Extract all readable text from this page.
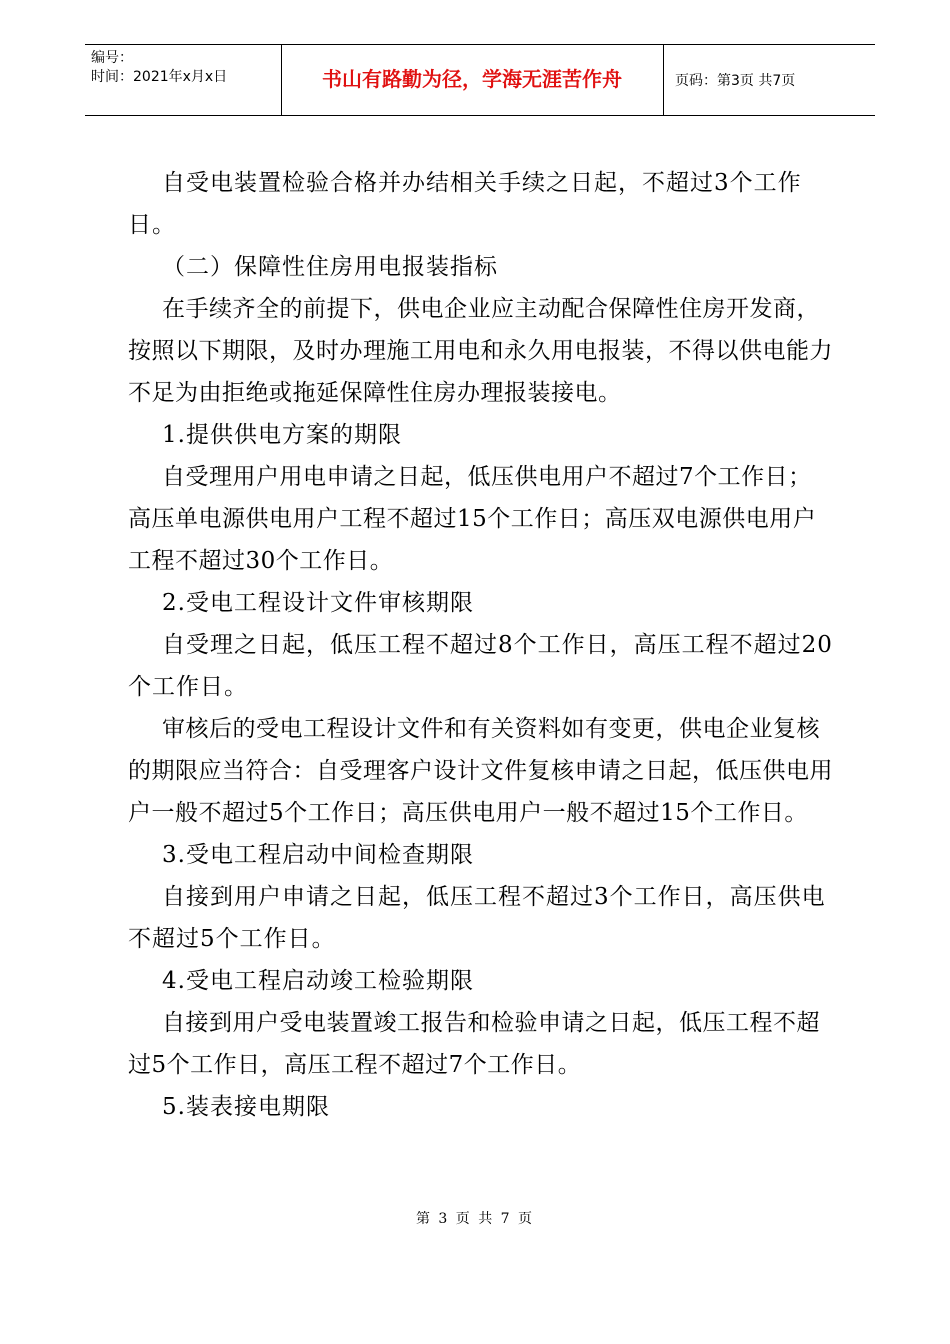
编号：
时间：2021年x月x日	书山有路勤为径，学海无涯苦作舟	页码：第3页 共7页

自受电装置检验合格并办结相关手续之日起，不超过3个工作日。

（二）保障性住房用电报装指标

在手续齐全的前提下，供电企业应主动配合保障性住房开发商，按照以下期限，及时办理施工用电和永久用电报装，不得以供电能力不足为由拒绝或拖延保障性住房办理报装接电。

1.提供供电方案的期限

自受理用户用电申请之日起，低压供电用户不超过7个工作日；高压单电源供电用户工程不超过15个工作日；高压双电源供电用户工程不超过30个工作日。

2.受电工程设计文件审核期限

自受理之日起，低压工程不超过8个工作日，高压工程不超过20个工作日。

审核后的受电工程设计文件和有关资料如有变更，供电企业复核的期限应当符合：自受理客户设计文件复核申请之日起，低压供电用户一般不超过5个工作日；高压供电用户一般不超过15个工作日。

3.受电工程启动中间检查期限

自接到用户申请之日起，低压工程不超过3个工作日，高压供电不超过5个工作日。

4.受电工程启动竣工检验期限

自接到用户受电装置竣工报告和检验申请之日起，低压工程不超过5个工作日，高压工程不超过7个工作日。

5.装表接电期限

第 3 页 共 7 页
